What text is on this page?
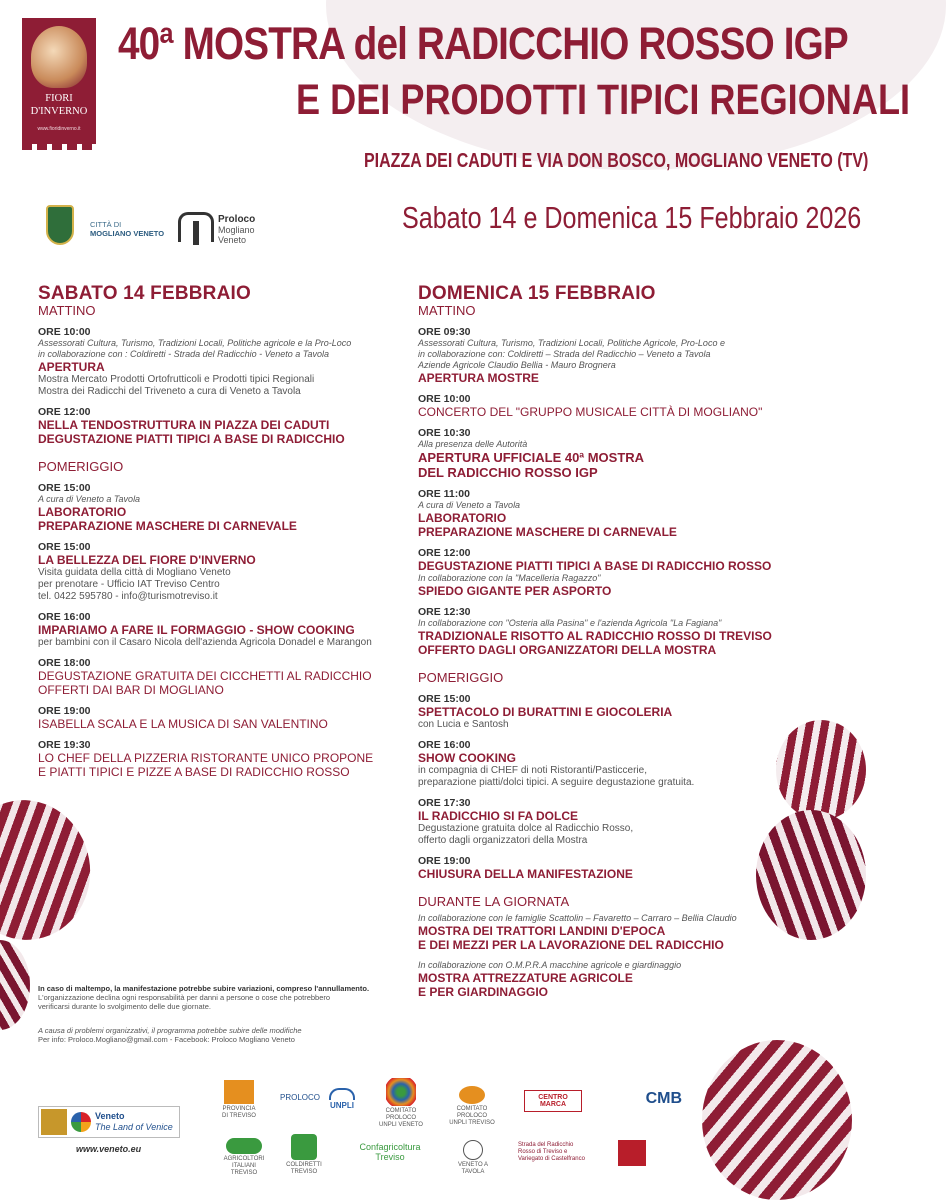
FIORI
D'INVERNO
www.fioridinverno.it
40ª MOSTRA del RADICCHIO ROSSO IGP
E DEI PRODOTTI TIPICI REGIONALI
PIAZZA DEI CADUTI E VIA DON BOSCO, MOGLIANO VENETO (TV)
Sabato 14 e Domenica 15 Febbraio 2026
CITTÀ DI
MOGLIANO VENETO
Proloco
Mogliano
Veneto
SABATO 14 FEBBRAIO
MATTINO
ORE 10:00
Assessorati Cultura, Turismo, Tradizioni Locali, Politiche agricole e la Pro-Loco
in collaborazione con : Coldiretti - Strada del Radicchio - Veneto a Tavola
APERTURA
Mostra Mercato Prodotti Ortofrutticoli e Prodotti tipici Regionali
Mostra dei Radicchi del Triveneto a cura di Veneto a Tavola
ORE 12:00
NELLA TENDOSTRUTTURA IN PIAZZA DEI CADUTI
DEGUSTAZIONE PIATTI TIPICI A BASE DI RADICCHIO
POMERIGGIO
ORE 15:00
A cura di Veneto a Tavola
LABORATORIO
PREPARAZIONE MASCHERE DI CARNEVALE
ORE 15:00
LA BELLEZZA DEL FIORE D'INVERNO
Visita guidata della città di Mogliano Veneto
per prenotare - Ufficio IAT Treviso Centro
tel. 0422 595780 - info@turismotreviso.it
ORE 16:00
IMPARIAMO A FARE IL FORMAGGIO - SHOW COOKING
per bambini con il Casaro Nicola dell'azienda Agricola Donadel e Marangon
ORE 18:00
DEGUSTAZIONE GRATUITA DEI CICCHETTI AL RADICCHIO
OFFERTI DAI BAR DI MOGLIANO
ORE 19:00
ISABELLA SCALA E LA MUSICA DI SAN VALENTINO
ORE 19:30
LO CHEF DELLA PIZZERIA RISTORANTE UNICO PROPONE
E PIATTI TIPICI E PIZZE A BASE DI RADICCHIO ROSSO
DOMENICA 15 FEBBRAIO
MATTINO
ORE 09:30
Assessorati Cultura, Turismo, Tradizioni Locali, Politiche Agricole, Pro-Loco e
in collaborazione con: Coldiretti – Strada del Radicchio – Veneto a Tavola
Aziende Agricole Claudio Bellia - Mauro Brognera
APERTURA MOSTRE
ORE 10:00
CONCERTO DEL "GRUPPO MUSICALE CITTÀ DI MOGLIANO"
ORE 10:30
Alla presenza delle Autorità
APERTURA UFFICIALE 40ª MOSTRA
DEL RADICCHIO ROSSO IGP
ORE 11:00
A cura di Veneto a Tavola
LABORATORIO
PREPARAZIONE MASCHERE DI CARNEVALE
ORE 12:00
DEGUSTAZIONE PIATTI TIPICI A BASE DI RADICCHIO ROSSO
In collaborazione con la "Macelleria Ragazzo"
SPIEDO GIGANTE PER ASPORTO
ORE 12:30
In collaborazione con "Osteria alla Pasina" e l'azienda Agricola "La Fagiana"
TRADIZIONALE RISOTTO AL RADICCHIO ROSSO DI TREVISO
OFFERTO DAGLI ORGANIZZATORI DELLA MOSTRA
POMERIGGIO
ORE 15:00
SPETTACOLO DI BURATTINI E GIOCOLERIA
con Lucia e Santosh
ORE 16:00
SHOW COOKING
in compagnia di CHEF di noti Ristoranti/Pasticcerie,
preparazione piatti/dolci tipici. A seguire degustazione gratuita.
ORE 17:30
IL RADICCHIO SI FA DOLCE
Degustazione gratuita dolce al Radicchio Rosso,
offerto dagli organizzatori della Mostra
ORE 19:00
CHIUSURA DELLA MANIFESTAZIONE
DURANTE LA GIORNATA
In collaborazione con le famiglie Scattolin – Favaretto – Carraro – Bellia Claudio
MOSTRA DEI TRATTORI LANDINI D'EPOCA
E DEI MEZZI PER LA LAVORAZIONE DEL RADICCHIO
In collaborazione con O.M.P.R.A macchine agricole e giardinaggio
MOSTRA ATTREZZATURE AGRICOLE
E PER GIARDINAGGIO
In caso di maltempo, la manifestazione potrebbe subire variazioni, compreso l'annullamento.
L'organizzazione declina ogni responsabilità per danni a persone o cose che potrebbero
verificarsi durante lo svolgimento delle due giornate.
A causa di problemi organizzativi, il programma potrebbe subire delle modifiche
Per info: Proloco.Mogliano@gmail.com - Facebook: Proloco Mogliano Veneto
Veneto
The Land of Venice
www.veneto.eu
PROVINCIA
DI TREVISO
PROLOCO
UNPLI
COMITATO PROLOCO
UNPLI VENETO
COMITATO PROLOCO
UNPLI TREVISO
CENTRO MARCA	CMB
AGRICOLTORI ITALIANI
TREVISO
COLDIRETTI
TREVISO
Confagricoltura
Treviso
VENETO A TAVOLA
Strada del Radicchio
Rosso di Treviso e
Variegato di Castelfranco
